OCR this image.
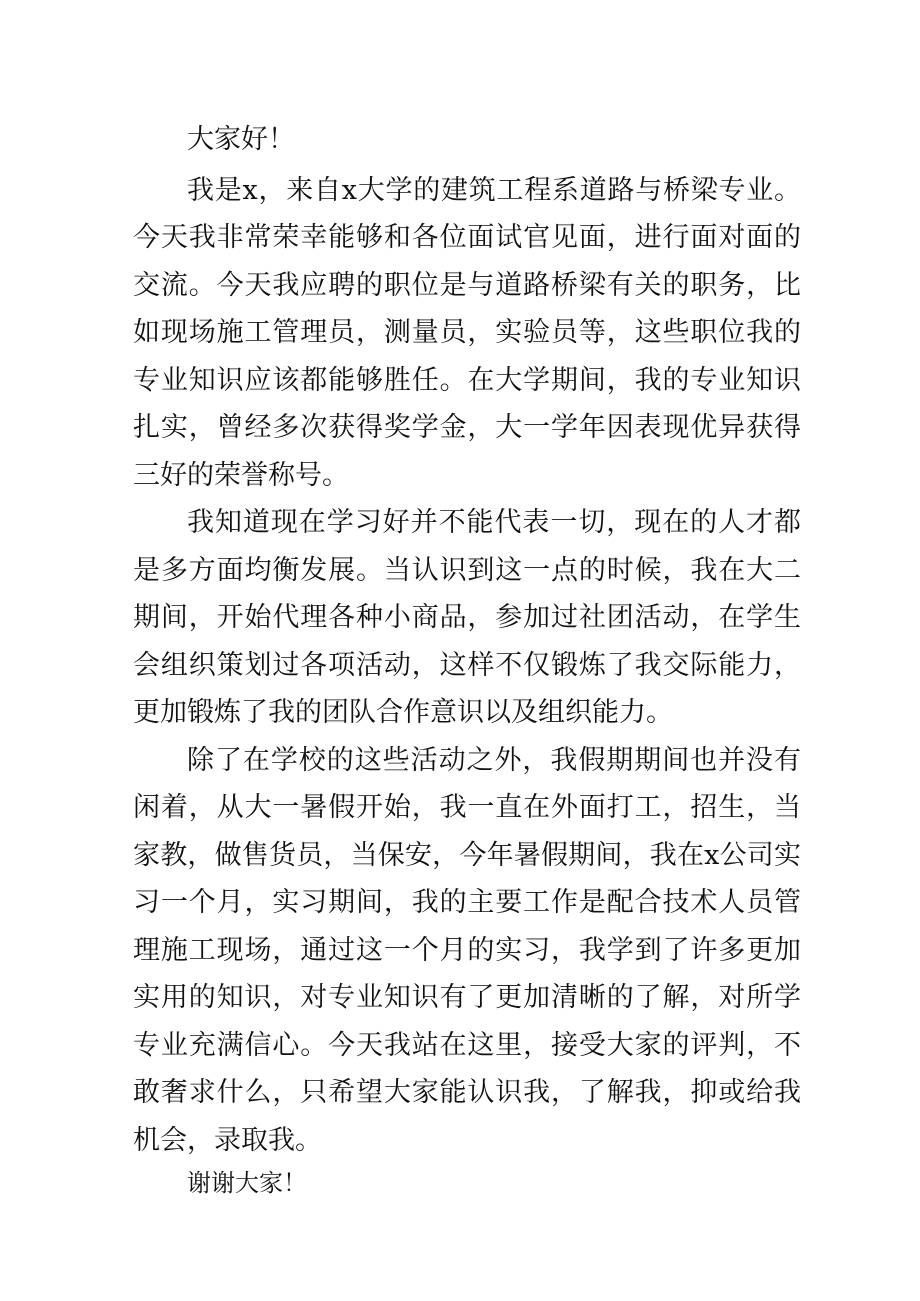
大家好！

我是x，来自x大学的建筑工程系道路与桥梁专业。今天我非常荣幸能够和各位面试官见面，进行面对面的交流。今天我应聘的职位是与道路桥梁有关的职务，比如现场施工管理员，测量员，实验员等，这些职位我的专业知识应该都能够胜任。在大学期间，我的专业知识扎实，曾经多次获得奖学金，大一学年因表现优异获得三好的荣誉称号。

我知道现在学习好并不能代表一切，现在的人才都是多方面均衡发展。当认识到这一点的时候，我在大二期间，开始代理各种小商品，参加过社团活动，在学生会组织策划过各项活动，这样不仅锻炼了我交际能力，更加锻炼了我的团队合作意识以及组织能力。

除了在学校的这些活动之外，我假期期间也并没有闲着，从大一暑假开始，我一直在外面打工，招生，当家教，做售货员，当保安，今年暑假期间，我在x公司实习一个月，实习期间，我的主要工作是配合技术人员管理施工现场，通过这一个月的实习，我学到了许多更加实用的知识，对专业知识有了更加清晰的了解，对所学专业充满信心。今天我站在这里，接受大家的评判，不敢奢求什么，只希望大家能认识我，了解我，抑或给我机会，录取我。

谢谢大家！
